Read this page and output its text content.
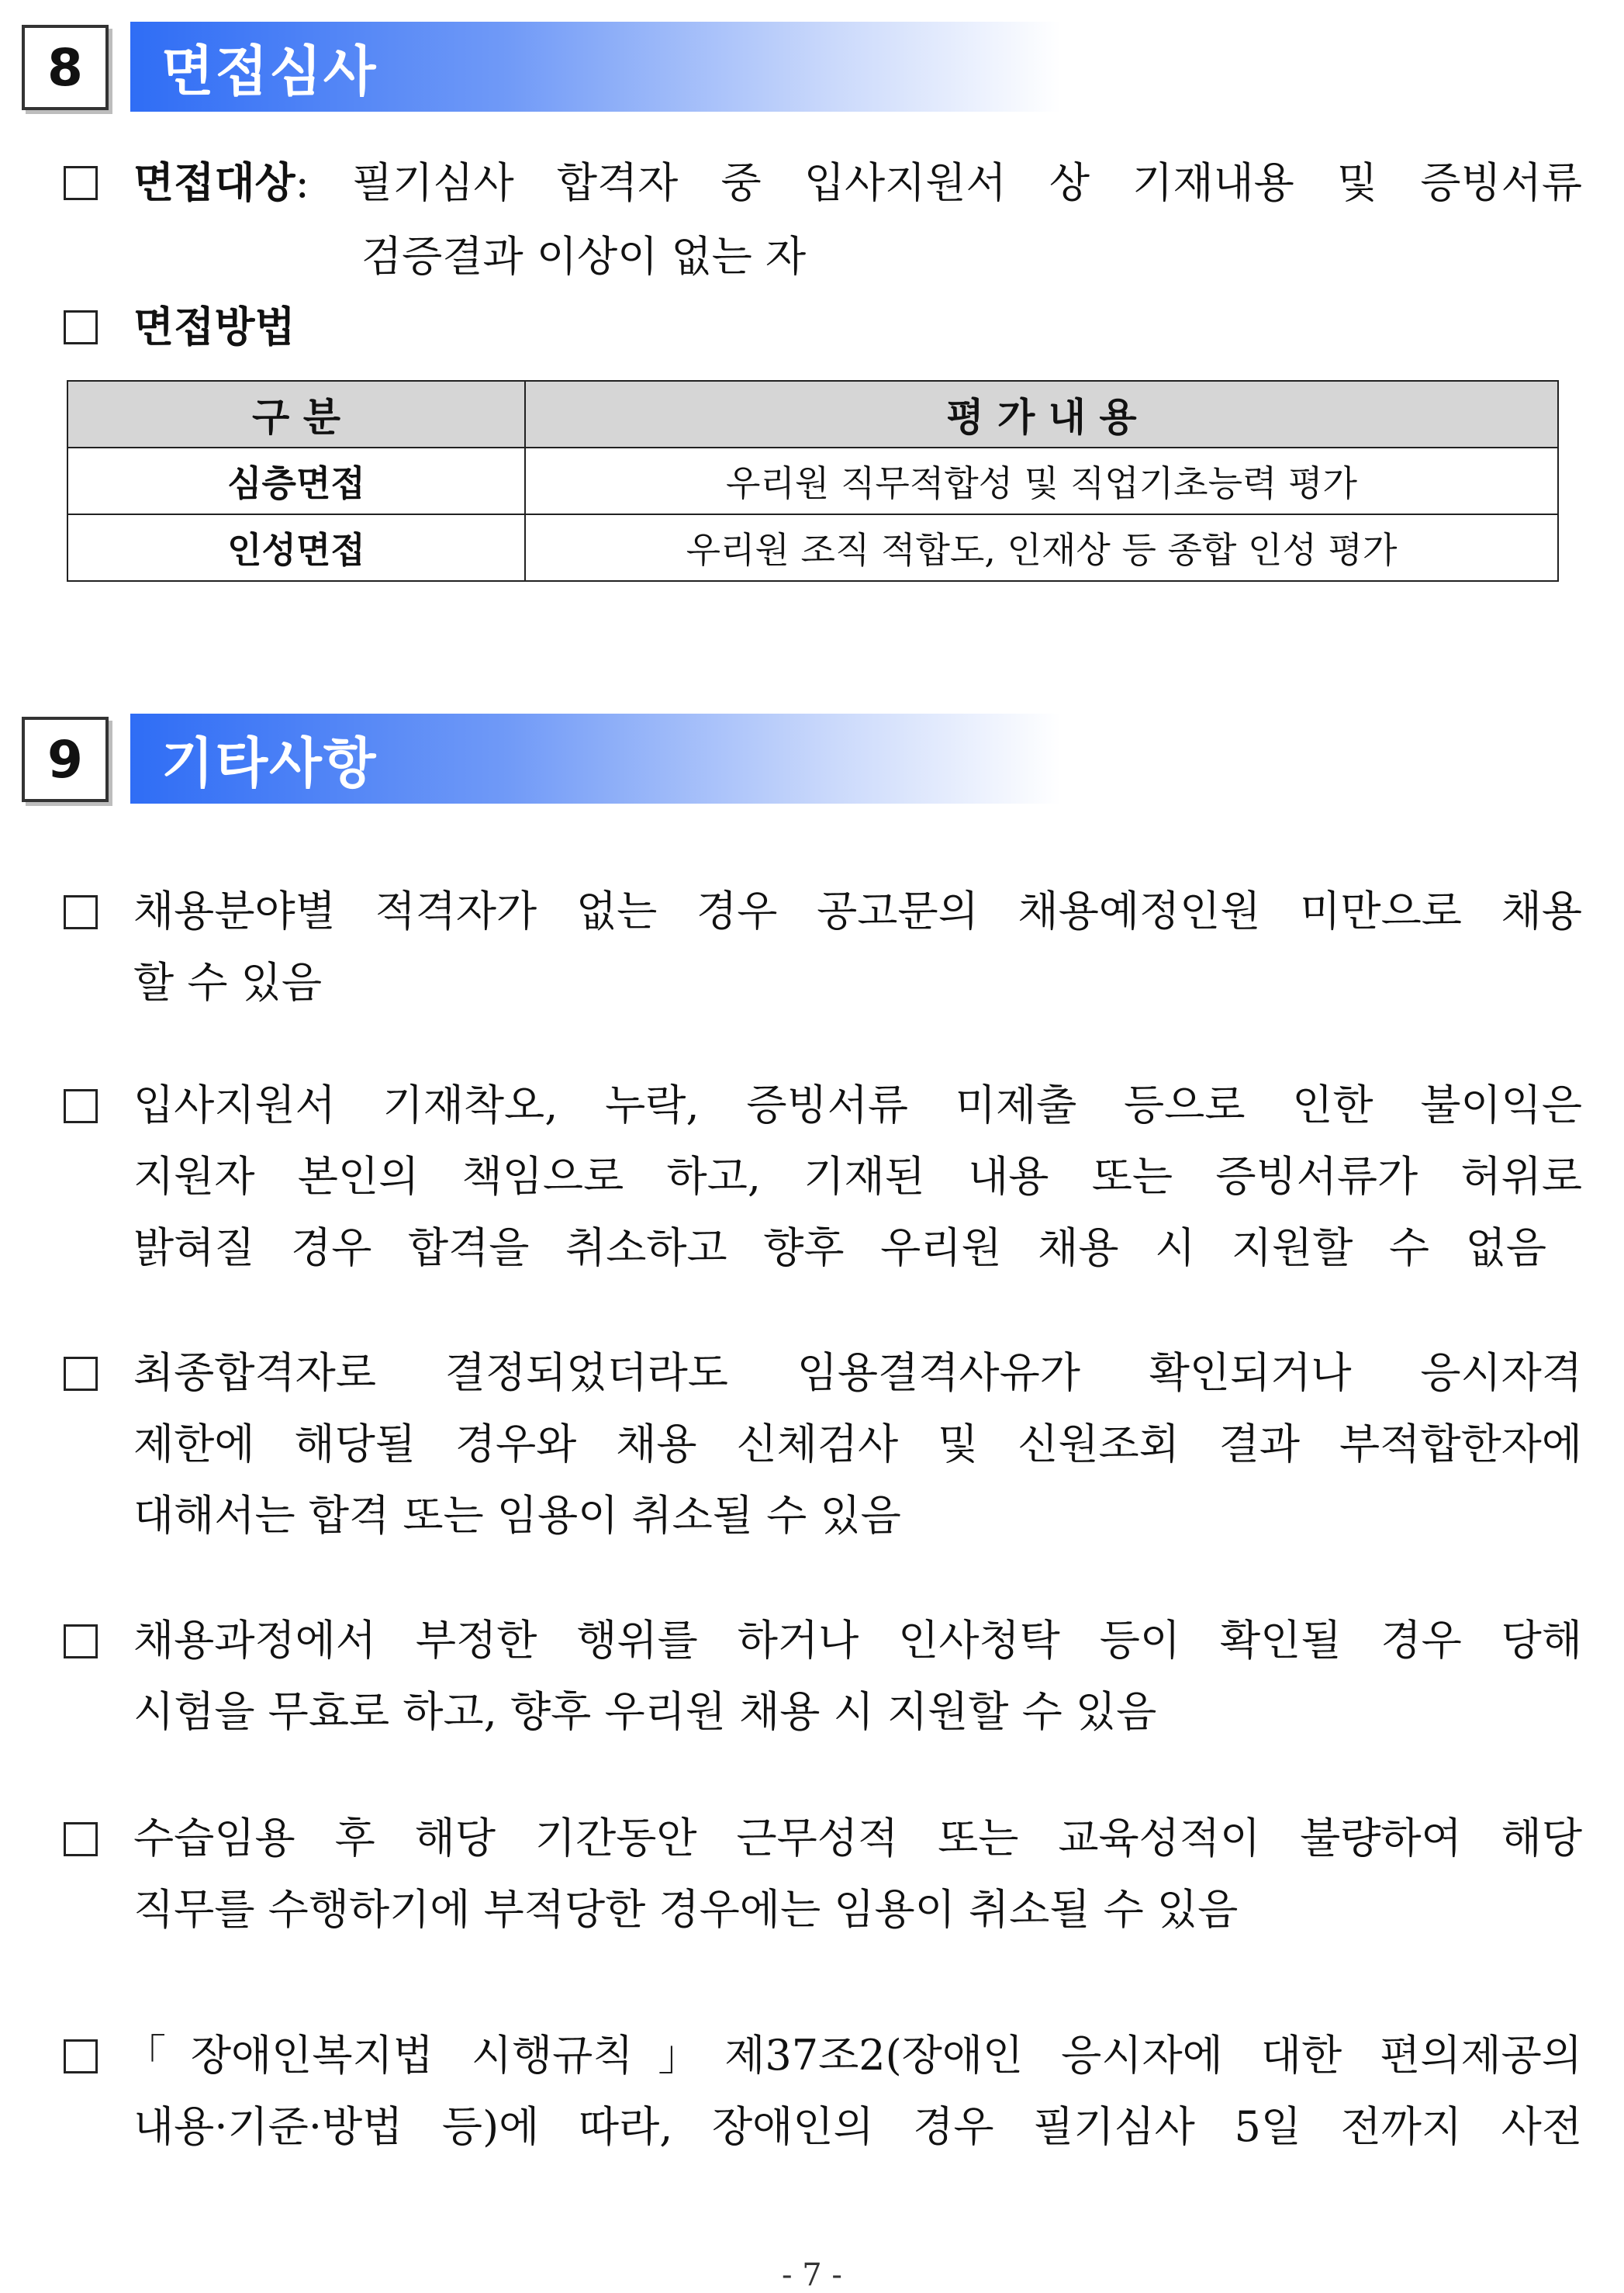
8	면접심사
면접대상: 필기심사 합격자 중 입사지원서 상 기재내용 및 증빙서류
검증결과 이상이 없는 자
면접방법
구 분	평 가 내 용
심층면접	우리원 직무적합성 및 직업기초능력 평가
인성면접	우리원 조직 적합도, 인재상 등 종합 인성 평가
9	기타사항
채용분야별 적격자가 없는 경우 공고문의 채용예정인원 미만으로 채용
할 수 있음
입사지원서 기재착오, 누락, 증빙서류 미제출 등으로 인한 불이익은
지원자 본인의 책임으로 하고, 기재된 내용 또는 증빙서류가 허위로
밝혀질 경우 합격을 취소하고 향후 우리원 채용 시 지원할 수 없음
최종합격자로 결정되었더라도 임용결격사유가 확인되거나 응시자격
제한에 해당될 경우와 채용 신체검사 및 신원조회 결과 부적합한자에
대해서는 합격 또는 임용이 취소될 수 있음
채용과정에서 부정한 행위를 하거나 인사청탁 등이 확인될 경우 당해
시험을 무효로 하고, 향후 우리원 채용 시 지원할 수 있음
수습임용 후 해당 기간동안 근무성적 또는 교육성적이 불량하여 해당
직무를 수행하기에 부적당한 경우에는 임용이 취소될 수 있음
「장애인복지법 시행규칙」제37조2(장애인 응시자에 대한 편의제공의
내용·기준·방법 등)에 따라, 장애인의 경우 필기심사 5일 전까지 사전
- 7 -
